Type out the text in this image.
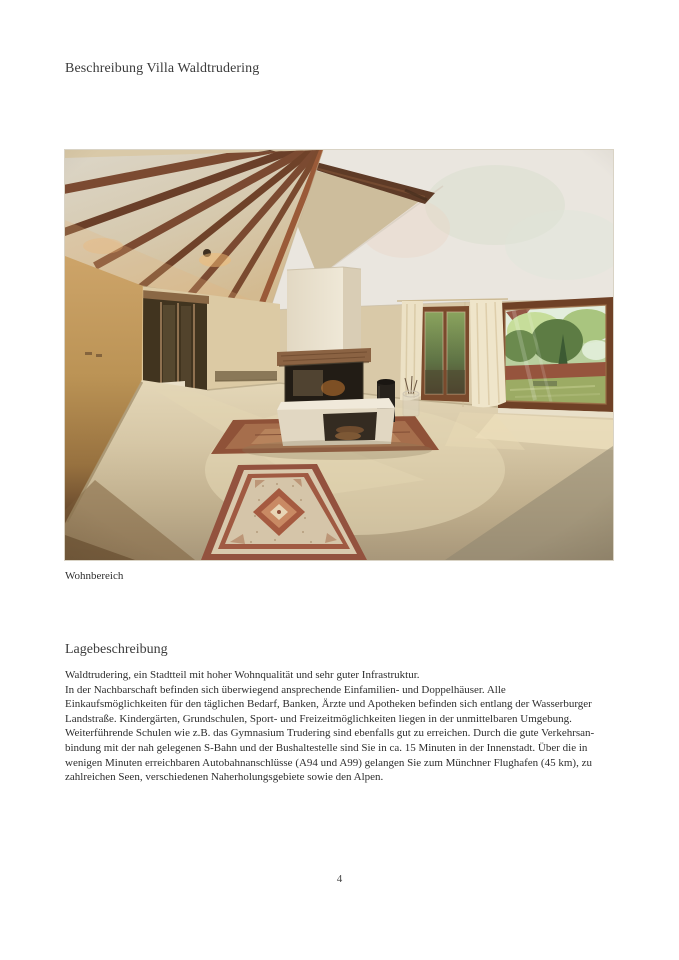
Beschreibung Villa Waldtrudering
Wohnbereich
Lagebeschreibung
Waldtrudering, ein Stadtteil mit hoher Wohnqualität und sehr guter Infrastruktur.
In der Nachbarschaft befinden sich überwiegend ansprechende Einfamilien- und Doppelhäuser. Alle
Einkaufsmöglichkeiten für den täglichen Bedarf, Banken, Ärzte und Apotheken befinden sich entlang der Wasserburger
Landstraße. Kindergärten, Grundschulen, Sport- und Freizeitmöglichkeiten liegen in der unmittelbaren Umgebung.
Weiterführende Schulen wie z.B. das Gymnasium Trudering sind ebenfalls gut zu erreichen. Durch die gute Verkehrsan-
bindung mit der nah gelegenen S-Bahn und der Bushaltestelle sind Sie in ca. 15 Minuten in der Innenstadt. Über die in
wenigen Minuten erreichbaren Autobahnanschlüsse (A94 und A99) gelangen Sie zum Münchner Flughafen (45 km), zu
zahlreichen Seen, verschiedenen Naherholungsgebiete sowie den Alpen.
4
